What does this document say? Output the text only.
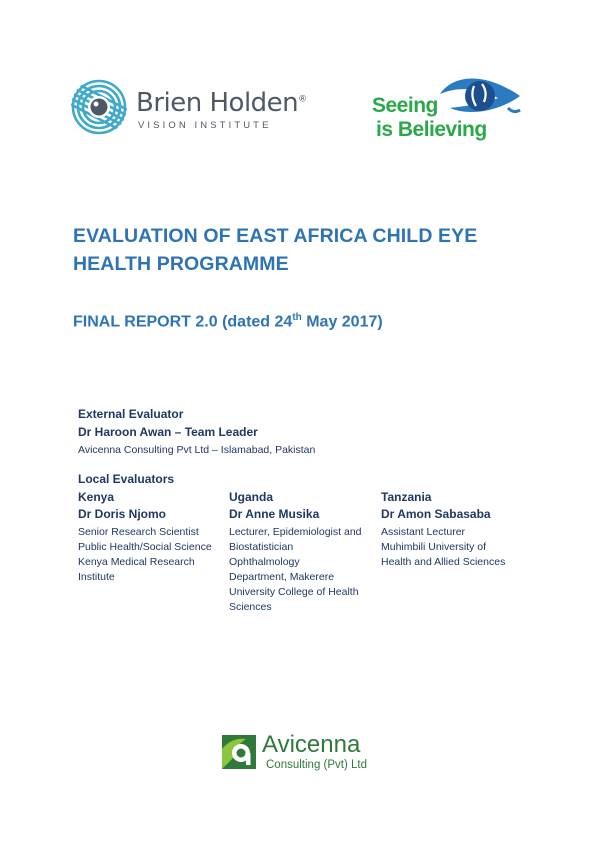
Brien Holden®
VISION INSTITUTE
Seeing
is Believing
EVALUATION OF EAST AFRICA CHILD EYE HEALTH PROGRAMME
FINAL REPORT 2.0 (dated 24th May 2017)
External Evaluator
Dr Haroon Awan – Team Leader
Avicenna Consulting Pvt Ltd – Islamabad, Pakistan
Local Evaluators
Kenya
Dr Doris Njomo
Senior Research Scientist
Public Health/Social Science
Kenya Medical Research
Institute
Uganda
Dr Anne Musika
Lecturer, Epidemiologist and
Biostatistician
Ophthalmology
Department, Makerere
University College of Health
Sciences
Tanzania
Dr Amon Sabasaba
Assistant Lecturer
Muhimbili University of
Health and Allied Sciences
Avicenna
Consulting (Pvt) Ltd
